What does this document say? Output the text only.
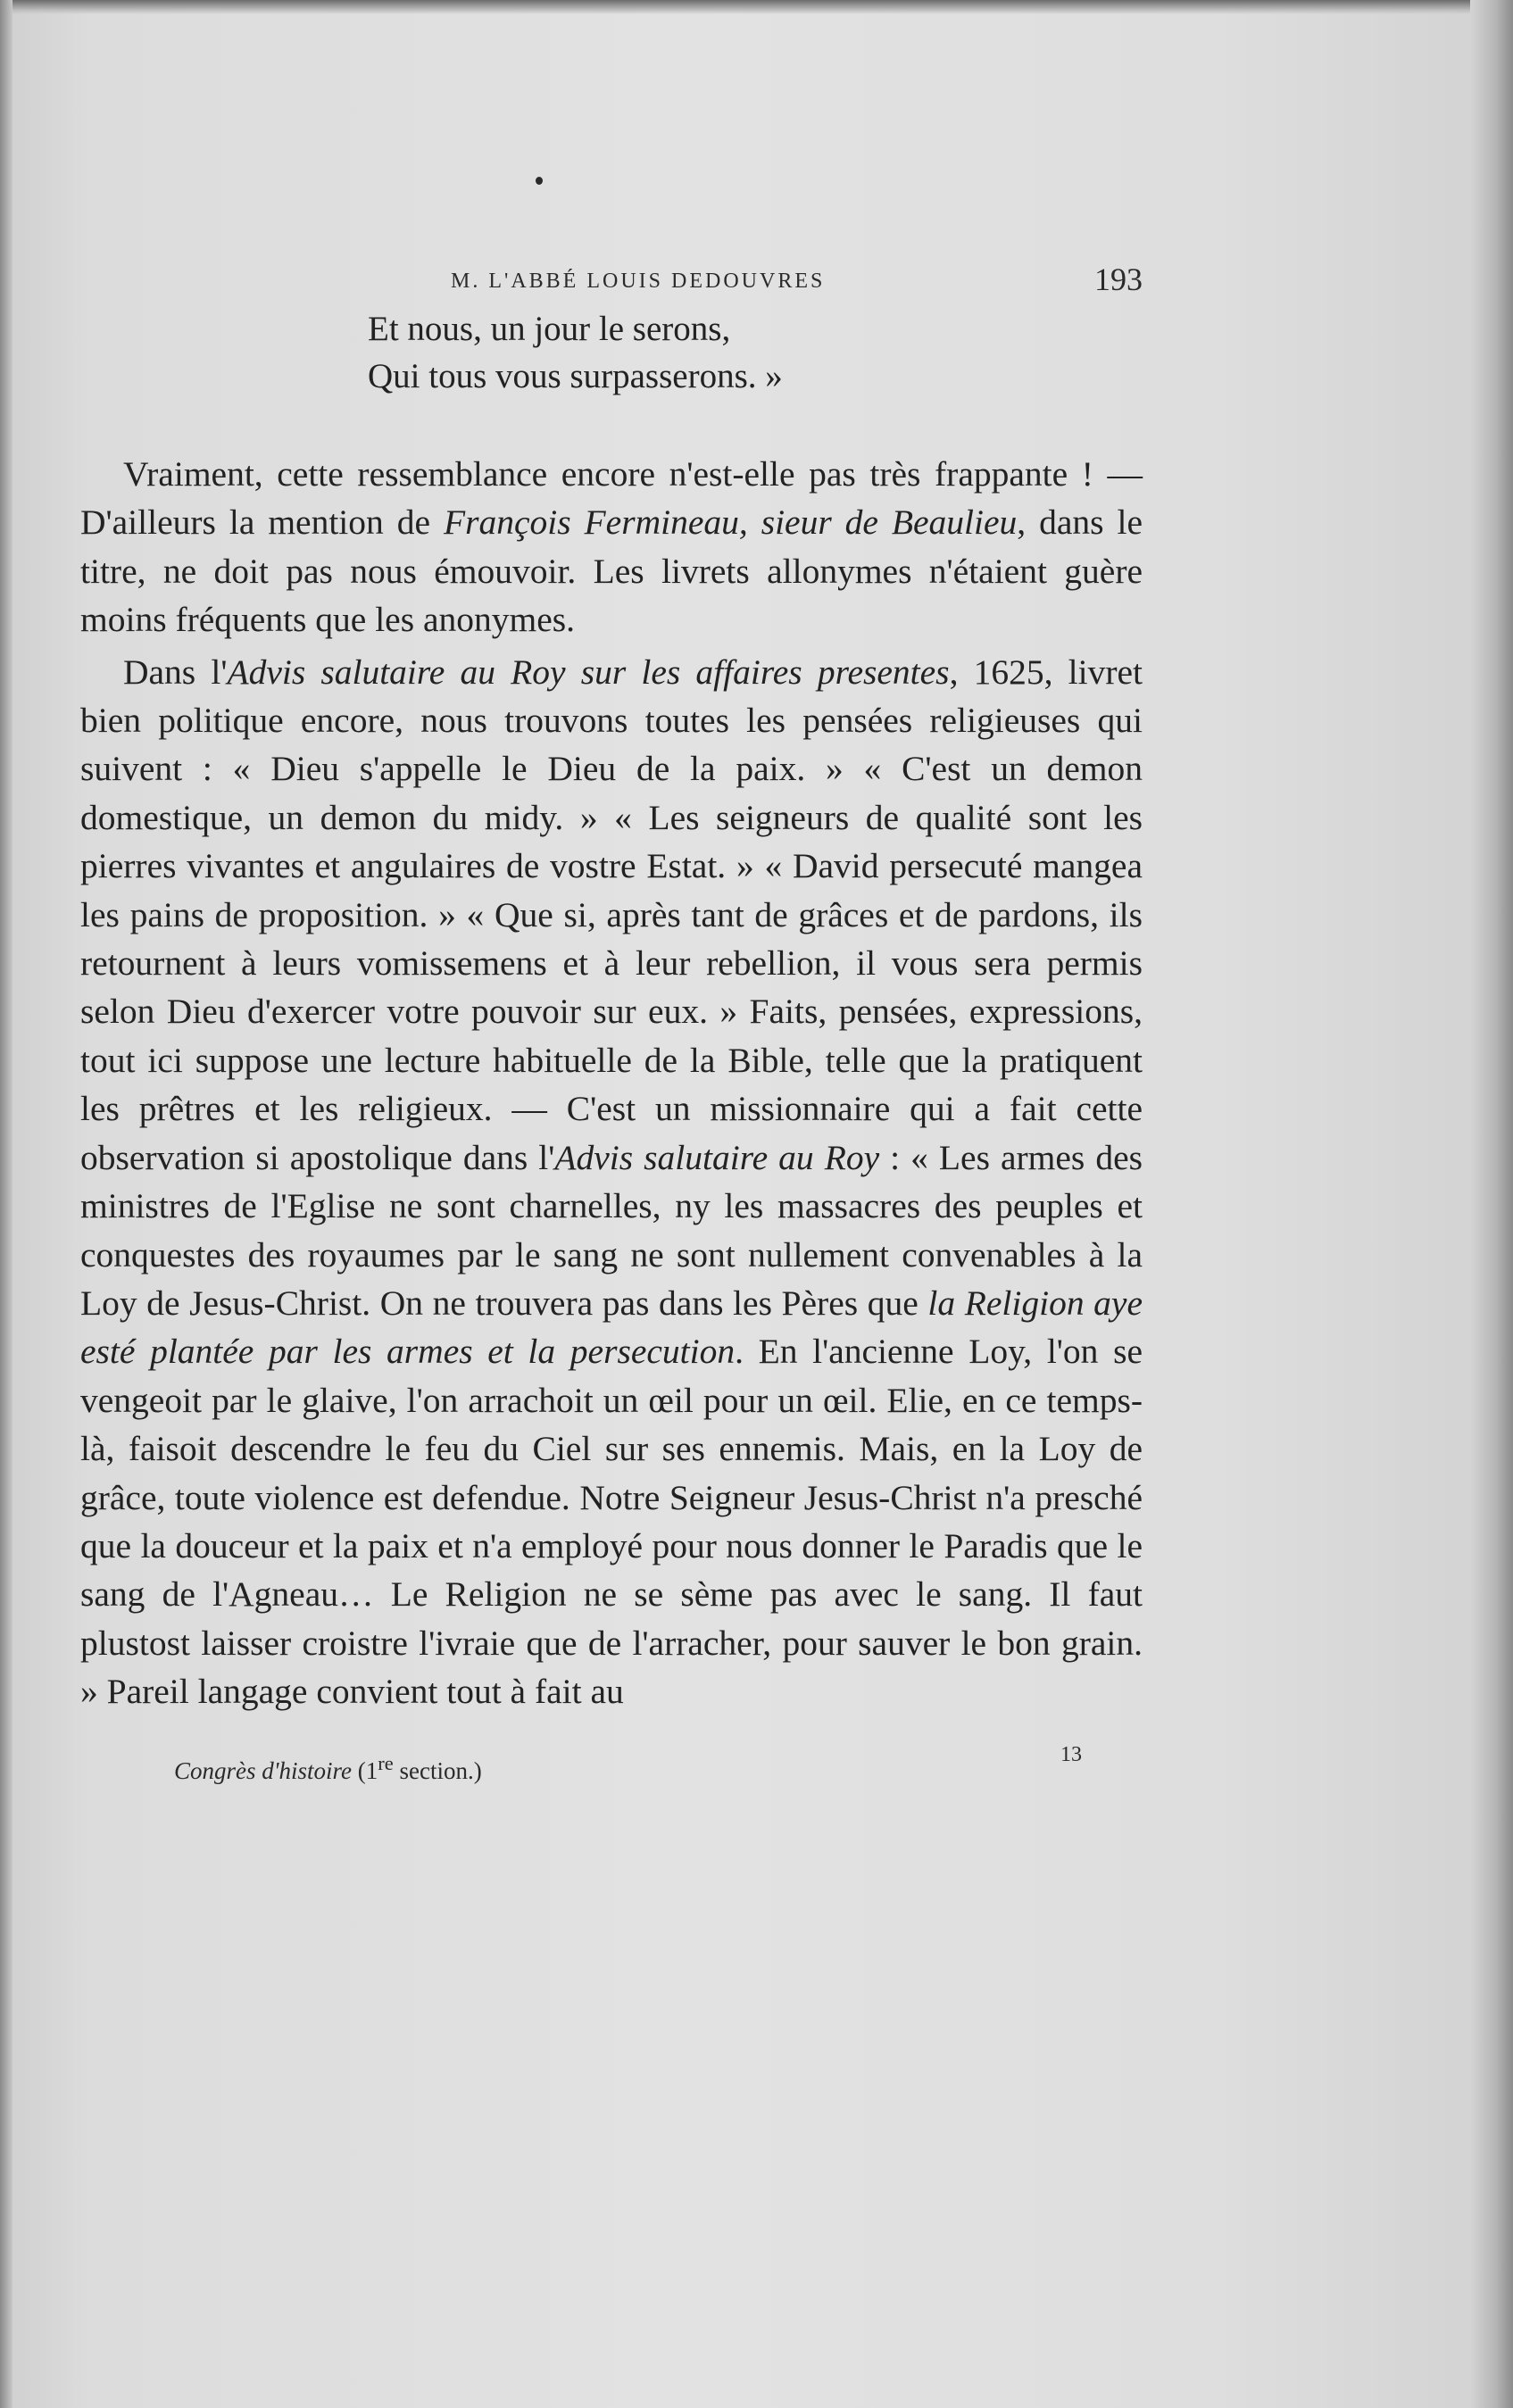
M. L'ABBÉ LOUIS DEDOUVRES	193
Et nous, un jour le serons,
Qui tous vous surpasserons. »

Vraiment, cette ressemblance encore n'est-elle pas très frappante ! — D'ailleurs la mention de François Fermineau, sieur de Beaulieu, dans le titre, ne doit pas nous émouvoir. Les livrets allonymes n'étaient guère moins fréquents que les anonymes.

Dans l'Advis salutaire au Roy sur les affaires presentes, 1625, livret bien politique encore, nous trouvons toutes les pensées religieuses qui suivent : « Dieu s'appelle le Dieu de la paix. » « C'est un demon domestique, un demon du midy. » « Les seigneurs de qualité sont les pierres vivantes et angulaires de vostre Estat. » « David persecuté mangea les pains de proposition. » « Que si, après tant de grâces et de pardons, ils retournent à leurs vomissemens et à leur rebellion, il vous sera permis selon Dieu d'exercer votre pouvoir sur eux. » Faits, pensées, expressions, tout ici suppose une lecture habituelle de la Bible, telle que la pratiquent les prêtres et les religieux. — C'est un missionnaire qui a fait cette observation si apostolique dans l'Advis salutaire au Roy : « Les armes des ministres de l'Eglise ne sont charnelles, ny les massacres des peuples et conquestes des royaumes par le sang ne sont nullement convenables à la Loy de Jesus-Christ. On ne trouvera pas dans les Pères que la Religion aye esté plantée par les armes et la persecution. En l'ancienne Loy, l'on se vengeoit par le glaive, l'on arrachoit un œil pour un œil. Elie, en ce temps-là, faisoit descendre le feu du Ciel sur ses ennemis. Mais, en la Loy de grâce, toute violence est defendue. Notre Seigneur Jesus-Christ n'a presché que la douceur et la paix et n'a employé pour nous donner le Paradis que le sang de l'Agneau… Le Religion ne se sème pas avec le sang. Il faut plustost laisser croistre l'ivraie que de l'arracher, pour sauver le bon grain. » Pareil langage convient tout à fait au

Congrès d'histoire (1re section.)
13
